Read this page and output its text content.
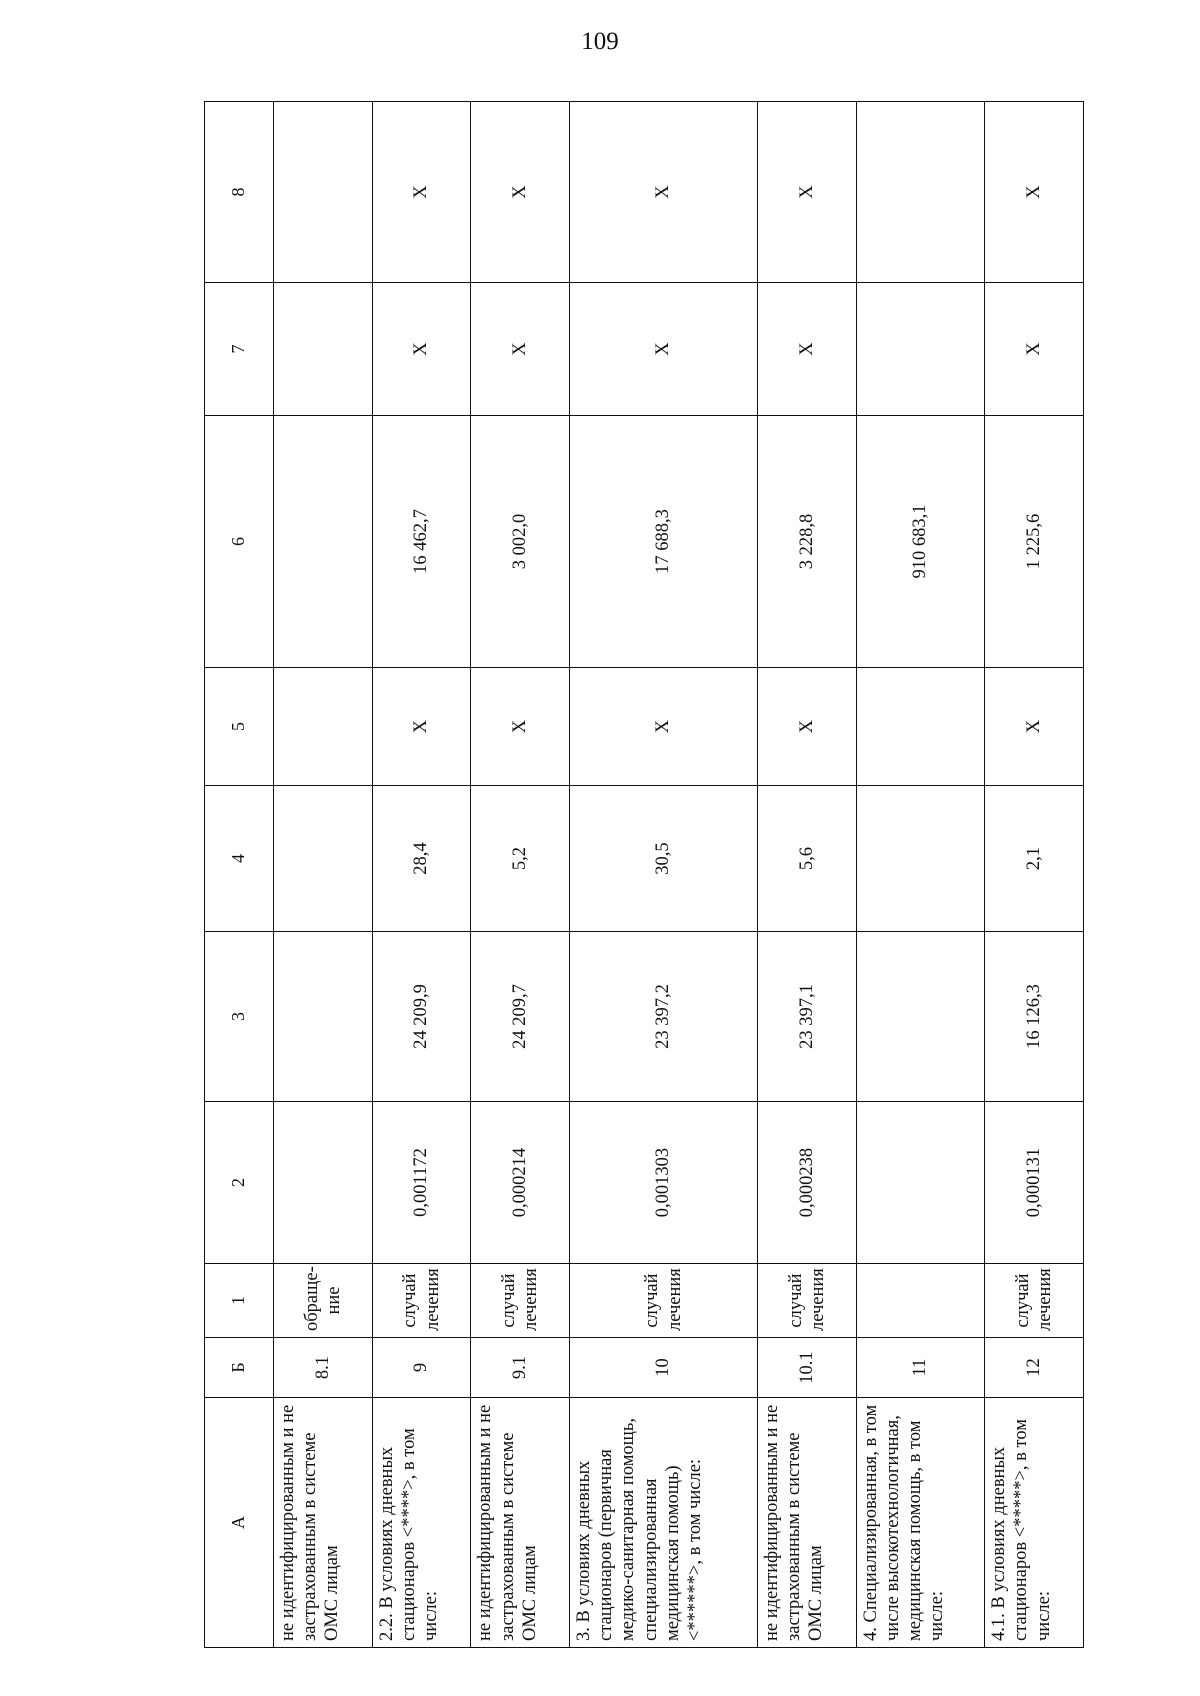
109
А	Б	1	2	3	4	5	6	7	8
не идентифицированным и не застрахованным в системе ОМС лицам	8.1	обраще-ние							
2.2. В условиях дневных стационаров <****>, в том числе:	9	случай лечения	0,001172	24 209,9	28,4	X	16 462,7	X	X
не идентифицированным и не застрахованным в системе ОМС лицам	9.1	случай лечения	0,000214	24 209,7	5,2	X	3 002,0	X	X
3. В условиях дневных стационаров (первичная медико-санитарная помощь, специализированная медицинская помощь) <******>, в том числе:	10	случай лечения	0,001303	23 397,2	30,5	X	17 688,3	X	X
не идентифицированным и не застрахованным в системе ОМС лицам	10.1	случай лечения	0,000238	23 397,1	5,6	X	3 228,8	X	X
4. Специализированная, в том числе высокотехнологичная, медицинская помощь, в том числе:	11						910 683,1		
4.1. В условиях дневных стационаров <*****>, в том числе:	12	случай лечения	0,000131	16 126,3	2,1	X	1 225,6	X	X
